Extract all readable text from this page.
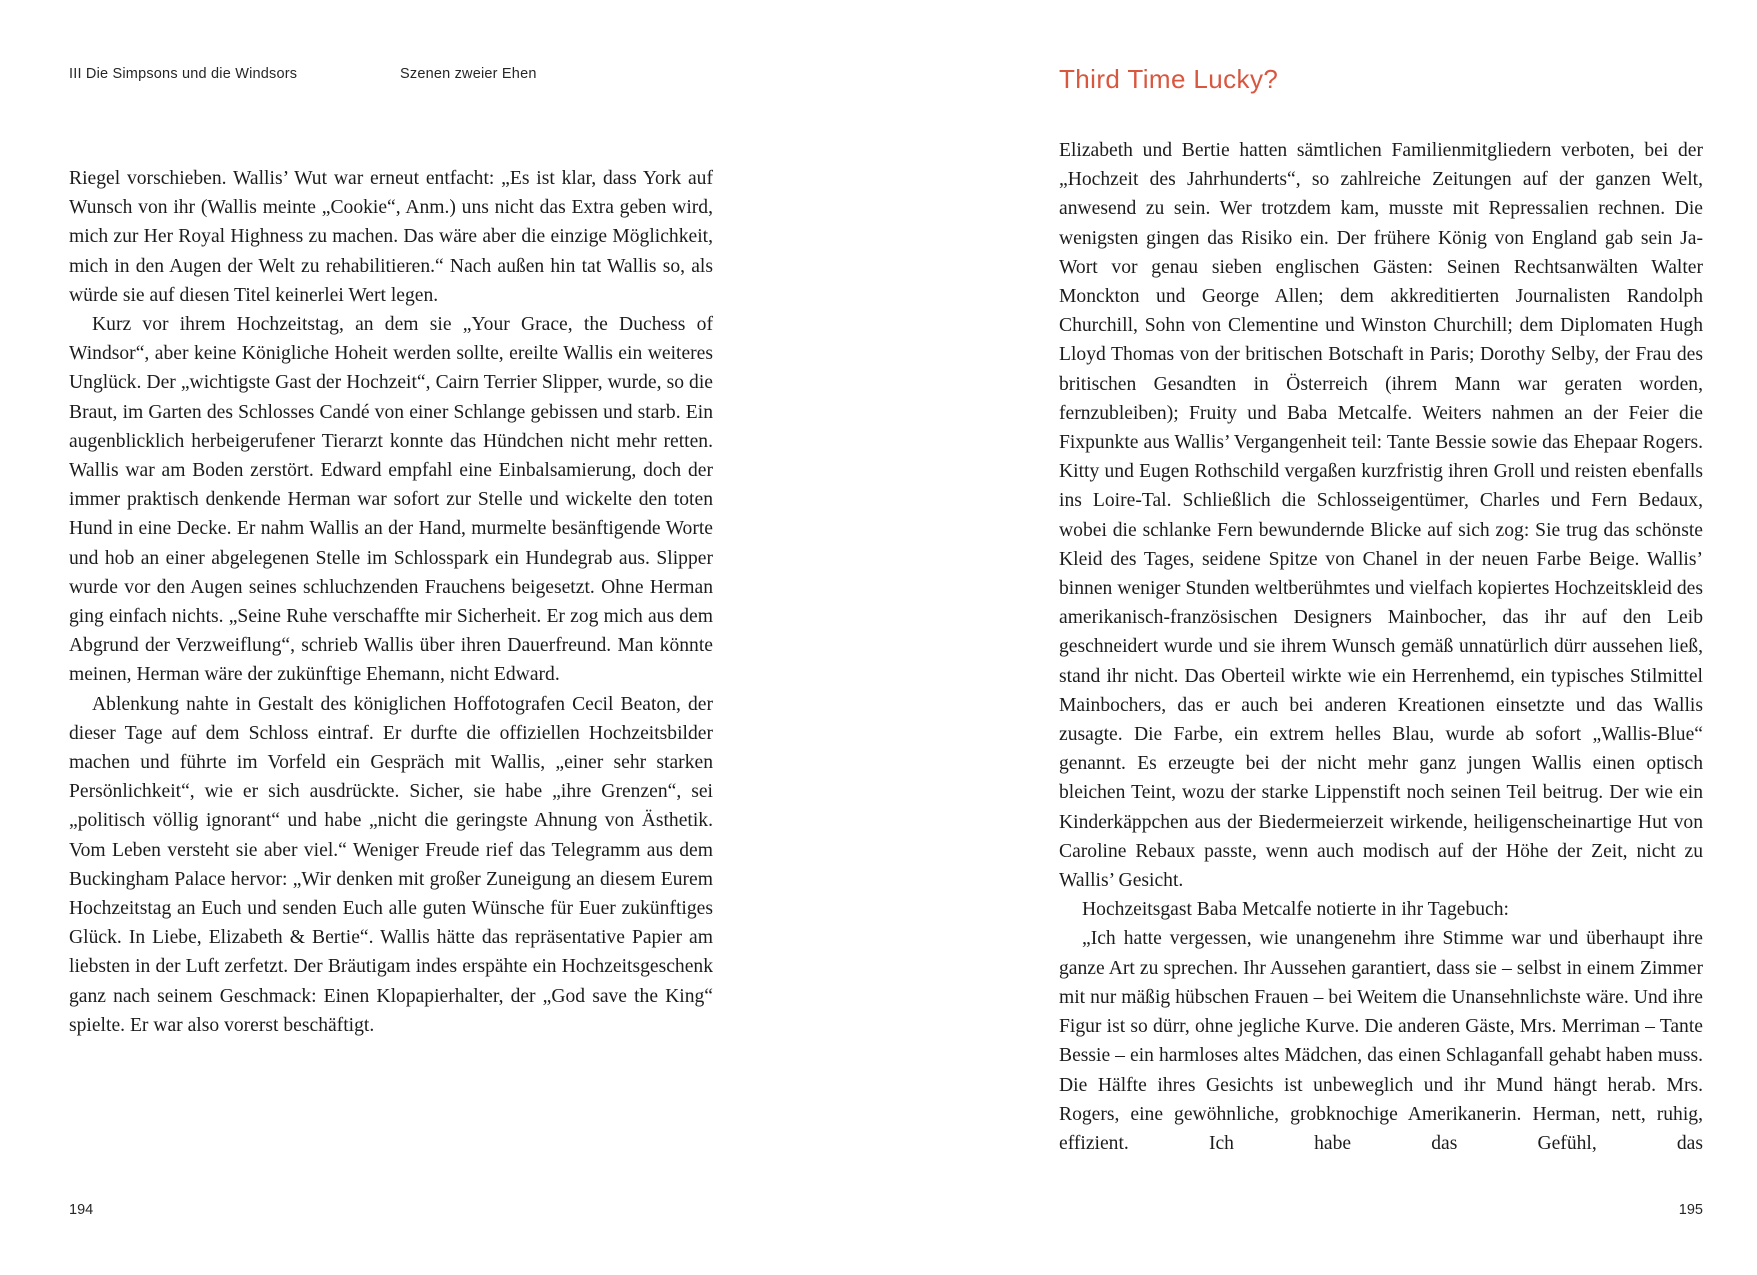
III Die Simpsons und die Windsors	Szenen zweier Ehen

Riegel vorschieben. Wallis’ Wut war erneut entfacht: „Es ist klar, dass York auf Wunsch von ihr (Wallis meinte „Cookie“, Anm.) uns nicht das Extra geben wird, mich zur Her Royal Highness zu machen. Das wäre aber die einzige Möglichkeit, mich in den Augen der Welt zu rehabilitieren.“ Nach außen hin tat Wallis so, als würde sie auf diesen Titel keinerlei Wert legen.

Kurz vor ihrem Hochzeitstag, an dem sie „Your Grace, the Duchess of Windsor“, aber keine Königliche Hoheit werden sollte, ereilte Wallis ein weiteres Unglück. Der „wichtigste Gast der Hochzeit“, Cairn Terrier Slipper, wurde, so die Braut, im Garten des Schlosses Candé von einer Schlange gebissen und starb. Ein augenblicklich herbeigerufener Tierarzt konnte das Hündchen nicht mehr retten. Wallis war am Boden zerstört. Edward empfahl eine Einbalsamierung, doch der immer praktisch denkende Herman war sofort zur Stelle und wickelte den toten Hund in eine Decke. Er nahm Wallis an der Hand, murmelte besänftigende Worte und hob an einer abgelegenen Stelle im Schlosspark ein Hundegrab aus. Slipper wurde vor den Augen seines schluchzenden Frauchens beigesetzt. Ohne Herman ging einfach nichts. „Seine Ruhe verschaffte mir Sicherheit. Er zog mich aus dem Abgrund der Verzweiflung“, schrieb Wallis über ihren Dauerfreund. Man könnte meinen, Herman wäre der zukünftige Ehemann, nicht Edward.

Ablenkung nahte in Gestalt des königlichen Hoffotografen Cecil Beaton, der dieser Tage auf dem Schloss eintraf. Er durfte die offiziellen Hochzeitsbilder machen und führte im Vorfeld ein Gespräch mit Wallis, „einer sehr starken Persönlichkeit“, wie er sich ausdrückte. Sicher, sie habe „ihre Grenzen“, sei „politisch völlig ignorant“ und habe „nicht die geringste Ahnung von Ästhetik. Vom Leben versteht sie aber viel.“ Weniger Freude rief das Telegramm aus dem Buckingham Palace hervor: „Wir denken mit großer Zuneigung an diesem Eurem Hochzeitstag an Euch und senden Euch alle guten Wünsche für Euer zukünftiges Glück. In Liebe, Elizabeth & Bertie“. Wallis hätte das repräsentative Papier am liebsten in der Luft zerfetzt. Der Bräutigam indes erspähte ein Hochzeitsgeschenk ganz nach seinem Geschmack: Einen Klopapierhalter, der „God save the King“ spielte. Er war also vorerst beschäftigt.

194
Third Time Lucky?

Elizabeth und Bertie hatten sämtlichen Familienmitgliedern verboten, bei der „Hochzeit des Jahrhunderts“, so zahlreiche Zeitungen auf der ganzen Welt, anwesend zu sein. Wer trotzdem kam, musste mit Repressalien rechnen. Die wenigsten gingen das Risiko ein. Der frühere König von England gab sein Ja-Wort vor genau sieben englischen Gästen: Seinen Rechtsanwälten Walter Monckton und George Allen; dem akkreditierten Journalisten Randolph Churchill, Sohn von Clementine und Winston Churchill; dem Diplomaten Hugh Lloyd Thomas von der britischen Botschaft in Paris; Dorothy Selby, der Frau des britischen Gesandten in Österreich (ihrem Mann war geraten worden, fernzubleiben); Fruity und Baba Metcalfe. Weiters nahmen an der Feier die Fixpunkte aus Wallis’ Vergangenheit teil: Tante Bessie sowie das Ehepaar Rogers. Kitty und Eugen Rothschild vergaßen kurzfristig ihren Groll und reisten ebenfalls ins Loire-Tal. Schließlich die Schlosseigentümer, Charles und Fern Bedaux, wobei die schlanke Fern bewundernde Blicke auf sich zog: Sie trug das schönste Kleid des Tages, seidene Spitze von Chanel in der neuen Farbe Beige. Wallis’ binnen weniger Stunden weltberühmtes und vielfach kopiertes Hochzeitskleid des amerikanisch-französischen Designers Mainbocher, das ihr auf den Leib geschneidert wurde und sie ihrem Wunsch gemäß unnatürlich dürr aussehen ließ, stand ihr nicht. Das Oberteil wirkte wie ein Herrenhemd, ein typisches Stilmittel Mainbochers, das er auch bei anderen Kreationen einsetzte und das Wallis zusagte. Die Farbe, ein extrem helles Blau, wurde ab sofort „Wallis-Blue“ genannt. Es erzeugte bei der nicht mehr ganz jungen Wallis einen optisch bleichen Teint, wozu der starke Lippenstift noch seinen Teil beitrug. Der wie ein Kinderkäppchen aus der Biedermeierzeit wirkende, heiligenscheinartige Hut von Caroline Rebaux passte, wenn auch modisch auf der Höhe der Zeit, nicht zu Wallis’ Gesicht.

Hochzeitsgast Baba Metcalfe notierte in ihr Tagebuch:

„Ich hatte vergessen, wie unangenehm ihre Stimme war und überhaupt ihre ganze Art zu sprechen. Ihr Aussehen garantiert, dass sie – selbst in einem Zimmer mit nur mäßig hübschen Frauen – bei Weitem die Unansehnlichste wäre. Und ihre Figur ist so dürr, ohne jegliche Kurve. Die anderen Gäste, Mrs. Merriman – Tante Bessie – ein harmloses altes Mädchen, das einen Schlaganfall gehabt haben muss. Die Hälfte ihres Gesichts ist unbeweglich und ihr Mund hängt herab. Mrs. Rogers, eine gewöhnliche, grobknochige Amerikanerin. Herman, nett, ruhig, effizient. Ich habe das Gefühl, das

195
